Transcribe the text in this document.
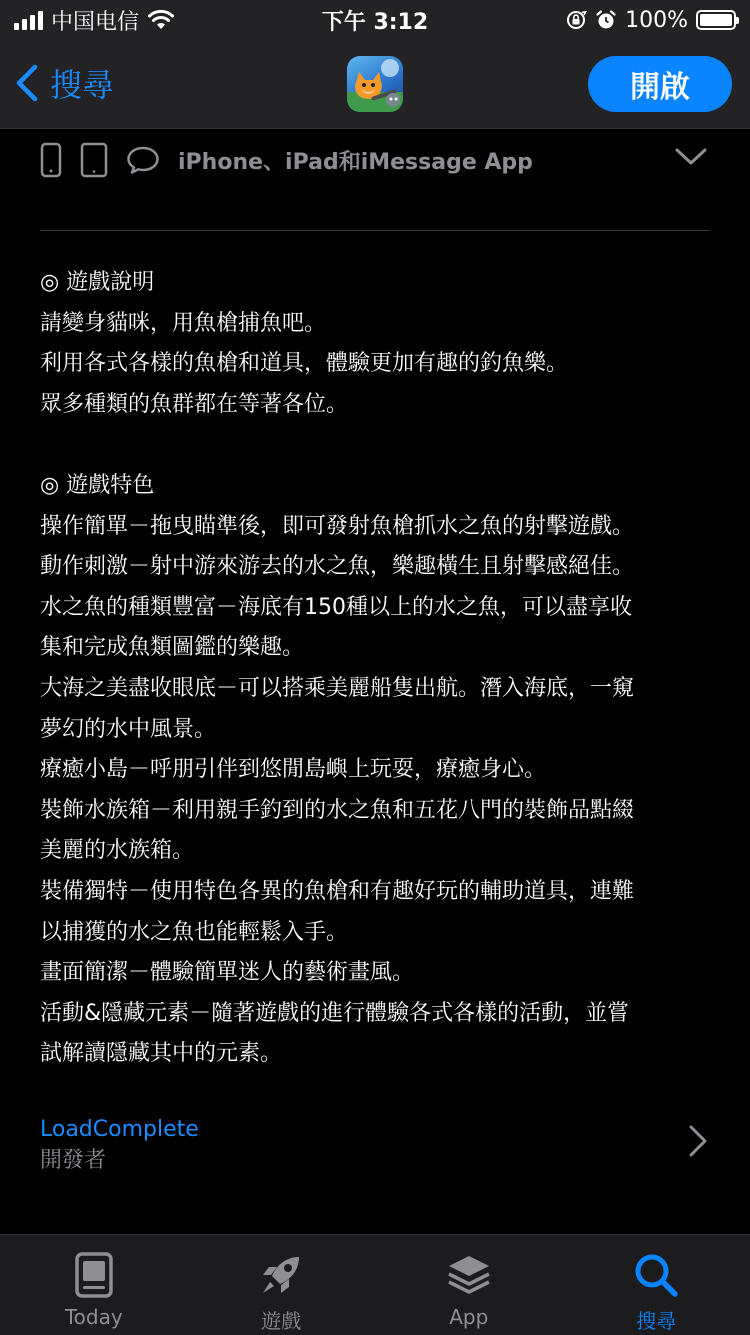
中国电信	下午 3:12	100%
搜尋	開啟
iPhone、iPad和iMessage App

◎ 遊戲說明

請變身貓咪，用魚槍捕魚吧。

利用各式各樣的魚槍和道具，體驗更加有趣的釣魚樂。

眾多種類的魚群都在等著各位。

◎ 遊戲特色

操作簡單－拖曳瞄準後，即可發射魚槍抓水之魚的射擊遊戲。

動作刺激－射中游來游去的水之魚，樂趣橫生且射擊感絕佳。

水之魚的種類豐富－海底有150種以上的水之魚，可以盡享收

集和完成魚類圖鑑的樂趣。

大海之美盡收眼底－可以搭乘美麗船隻出航。潛入海底，一窺

夢幻的水中風景。

療癒小島－呼朋引伴到悠閒島嶼上玩耍，療癒身心。

裝飾水族箱－利用親手釣到的水之魚和五花八門的裝飾品點綴

美麗的水族箱。

裝備獨特－使用特色各異的魚槍和有趣好玩的輔助道具，連難

以捕獲的水之魚也能輕鬆入手。

畫面簡潔－體驗簡單迷人的藝術畫風。

活動&隱藏元素－隨著遊戲的進行體驗各式各樣的活動，並嘗

試解讀隱藏其中的元素。

LoadComplete
開發者
Today	遊戲	App	搜尋
